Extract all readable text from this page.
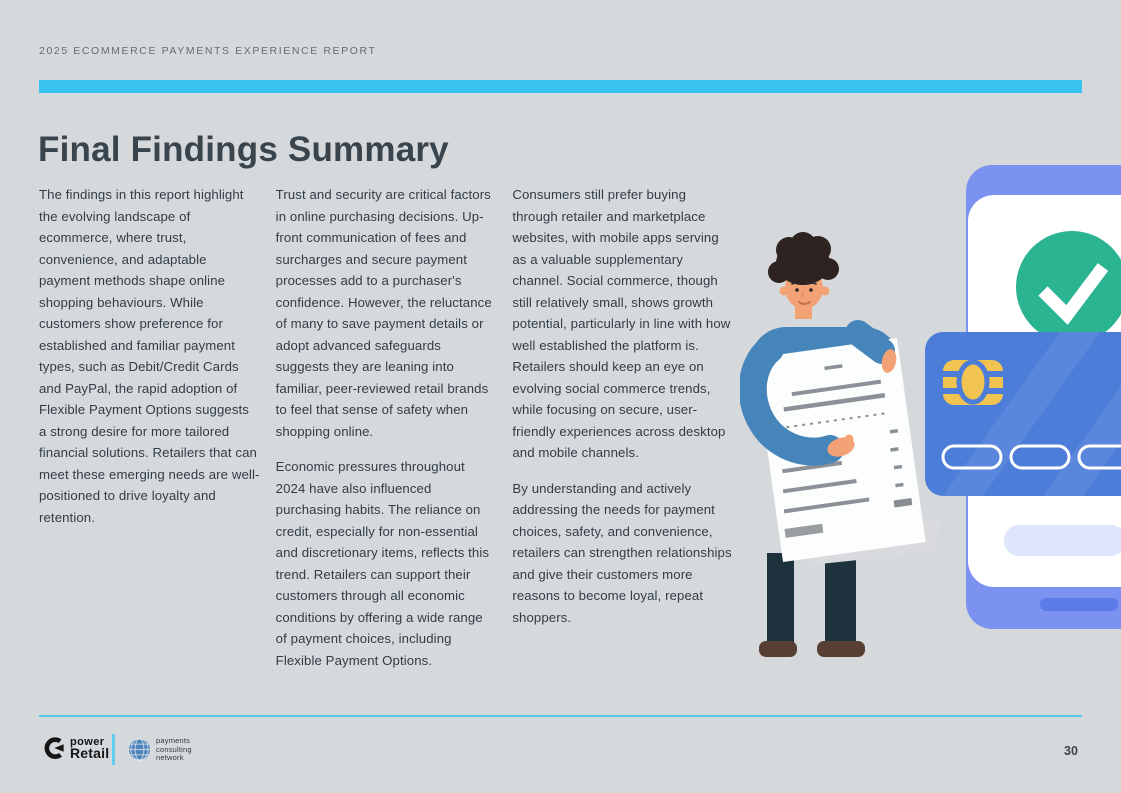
2025 ECOMMERCE PAYMENTS EXPERIENCE REPORT
Final Findings Summary

The findings in this report highlight the evolving landscape of ecommerce, where trust, convenience, and adaptable payment methods shape online shopping behaviours. While customers show preference for established and familiar payment types, such as Debit/Credit Cards and PayPal, the rapid adoption of Flexible Payment Options suggests a strong desire for more tailored financial solutions. Retailers that can meet these emerging needs are well-positioned to drive loyalty and retention.

Trust and security are critical factors in online purchasing decisions. Up-front communication of fees and surcharges and secure payment processes add to a purchaser's confidence. However, the reluctance of many to save payment details or adopt advanced safeguards suggests they are leaning into familiar, peer-reviewed retail brands to feel that sense of safety when shopping online.

Economic pressures throughout 2024 have also influenced purchasing habits. The reliance on credit, especially for non-essential and discretionary items, reflects this trend. Retailers can support their customers through all economic conditions by offering a wide range of payment choices, including Flexible Payment Options.

Consumers still prefer buying through retailer and marketplace websites, with mobile apps serving as a valuable supplementary channel. Social commerce, though still relatively small, shows growth potential, particularly in line with how well established the platform is. Retailers should keep an eye on evolving social commerce trends, while focusing on secure, user-friendly experiences across desktop and mobile channels.

By understanding and actively addressing the needs for payment choices, safety, and convenience, retailers can strengthen relationships and give their customers more reasons to become loyal, repeat shoppers.

power
Retail
payments
consulting
network	30
